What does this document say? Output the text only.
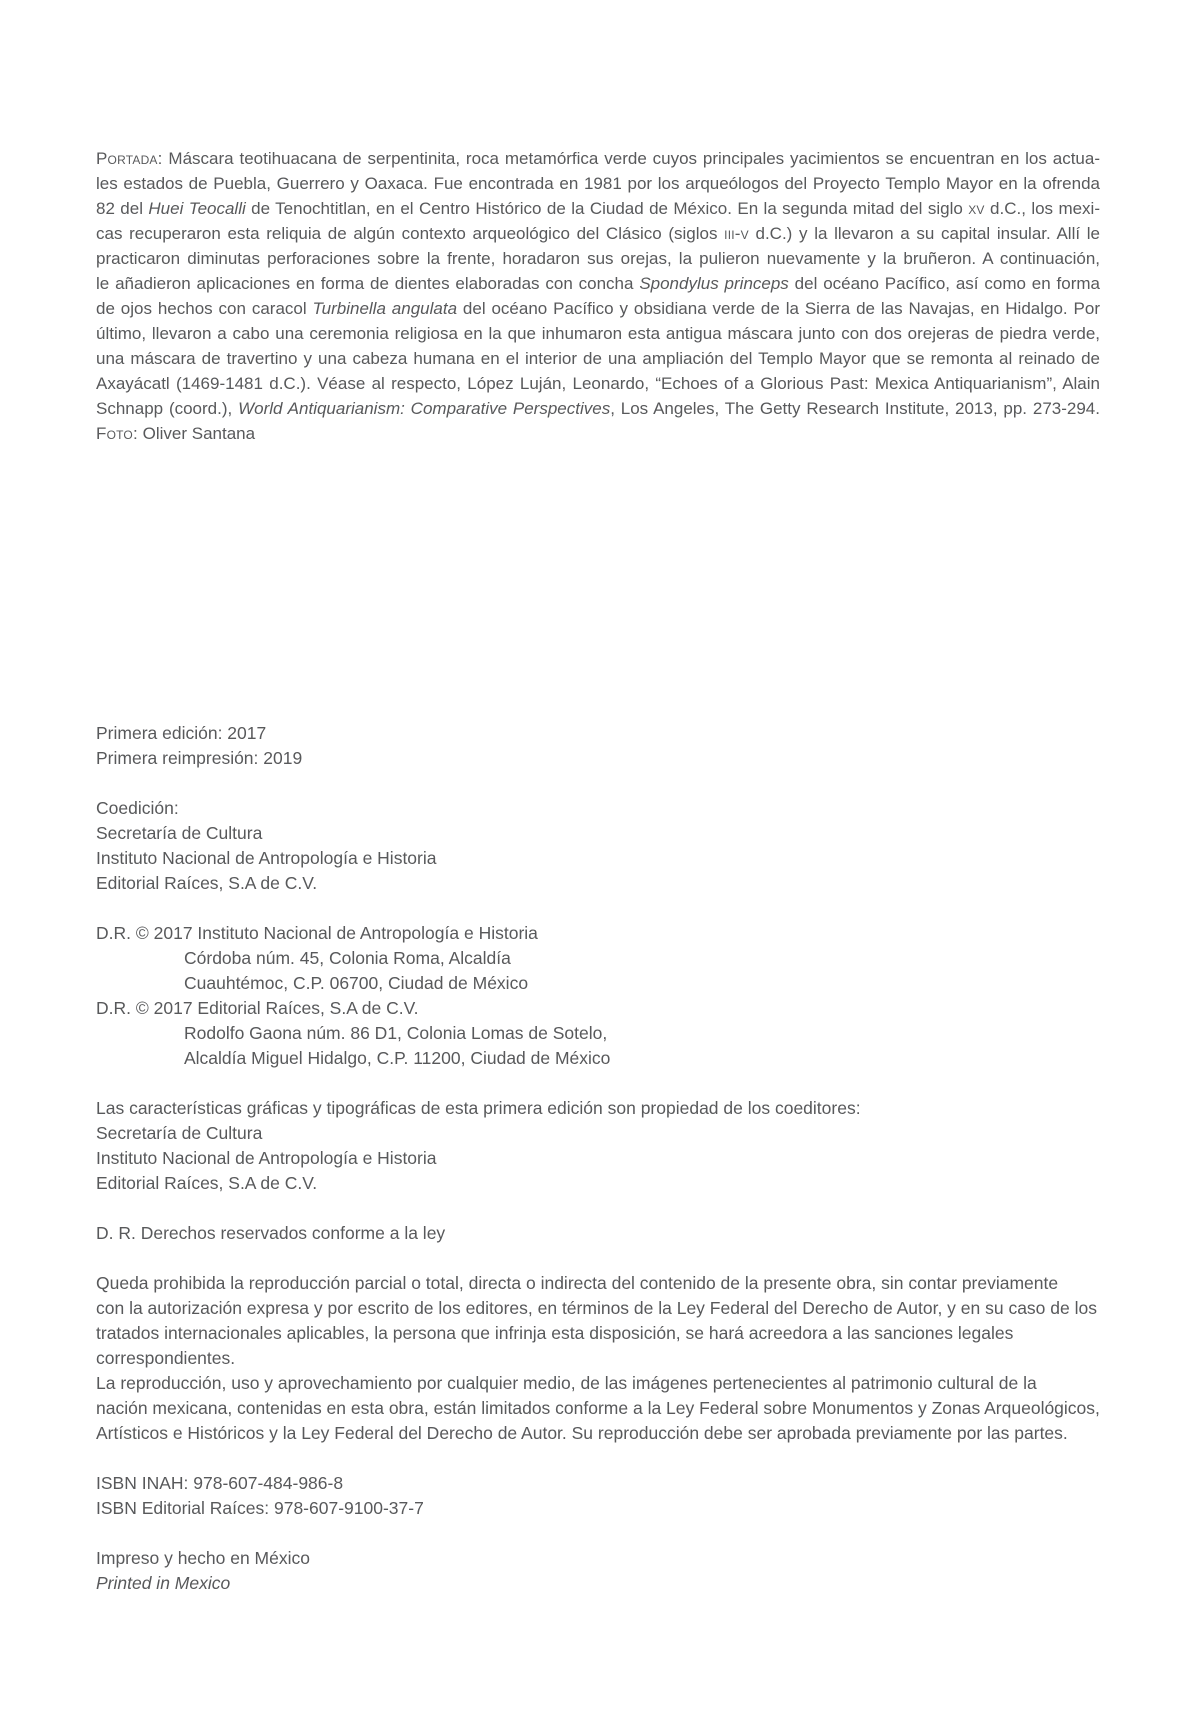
Portada: Máscara teotihuacana de serpentinita, roca metamórfica verde cuyos principales yacimientos se encuentran en los actua-
les estados de Puebla, Guerrero y Oaxaca. Fue encontrada en 1981 por los arqueólogos del Proyecto Templo Mayor en la ofrenda
82 del Huei Teocalli de Tenochtitlan, en el Centro Histórico de la Ciudad de México. En la segunda mitad del siglo xv d.C., los mexi-
cas recuperaron esta reliquia de algún contexto arqueológico del Clásico (siglos iii-v d.C.) y la llevaron a su capital insular. Allí le
practicaron diminutas perforaciones sobre la frente, horadaron sus orejas, la pulieron nuevamente y la bruñeron. A continuación,
le añadieron aplicaciones en forma de dientes elaboradas con concha Spondylus princeps del océano Pacífico, así como en forma
de ojos hechos con caracol Turbinella angulata del océano Pacífico y obsidiana verde de la Sierra de las Navajas, en Hidalgo. Por
último, llevaron a cabo una ceremonia religiosa en la que inhumaron esta antigua máscara junto con dos orejeras de piedra verde,
una máscara de travertino y una cabeza humana en el interior de una ampliación del Templo Mayor que se remonta al reinado de
Axayácatl (1469-1481 d.C.). Véase al respecto, López Luján, Leonardo, “Echoes of a Glorious Past: Mexica Antiquarianism”, Alain
Schnapp (coord.), World Antiquarianism: Comparative Perspectives, Los Angeles, The Getty Research Institute, 2013, pp. 273-294.
Foto: Oliver Santana
Primera edición: 2017
Primera reimpresión: 2019
Coedición:
Secretaría de Cultura
Instituto Nacional de Antropología e Historia
Editorial Raíces, S.A de C.V.
D.R. © 2017 Instituto Nacional de Antropología e Historia
Córdoba núm. 45, Colonia Roma, Alcaldía
Cuauhtémoc, C.P. 06700, Ciudad de México
D.R. © 2017 Editorial Raíces, S.A de C.V.
Rodolfo Gaona núm. 86 D1, Colonia Lomas de Sotelo,
Alcaldía Miguel Hidalgo, C.P. 11200, Ciudad de México
Las características gráficas y tipográficas de esta primera edición son propiedad de los coeditores:
Secretaría de Cultura
Instituto Nacional de Antropología e Historia
Editorial Raíces, S.A de C.V.
D. R. Derechos reservados conforme a la ley
Queda prohibida la reproducción parcial o total, directa o indirecta del contenido de la presente obra, sin contar previamente
con la autorización expresa y por escrito de los editores, en términos de la Ley Federal del Derecho de Autor, y en su caso de los
tratados internacionales aplicables, la persona que infrinja esta disposición, se hará acreedora a las sanciones legales
correspondientes.
La reproducción, uso y aprovechamiento por cualquier medio, de las imágenes pertenecientes al patrimonio cultural de la
nación mexicana, contenidas en esta obra, están limitados conforme a la Ley Federal sobre Monumentos y Zonas Arqueológicos,
Artísticos e Históricos y la Ley Federal del Derecho de Autor. Su reproducción debe ser aprobada previamente por las partes.
ISBN INAH: 978-607-484-986-8
ISBN Editorial Raíces: 978-607-9100-37-7
Impreso y hecho en México
Printed in Mexico
